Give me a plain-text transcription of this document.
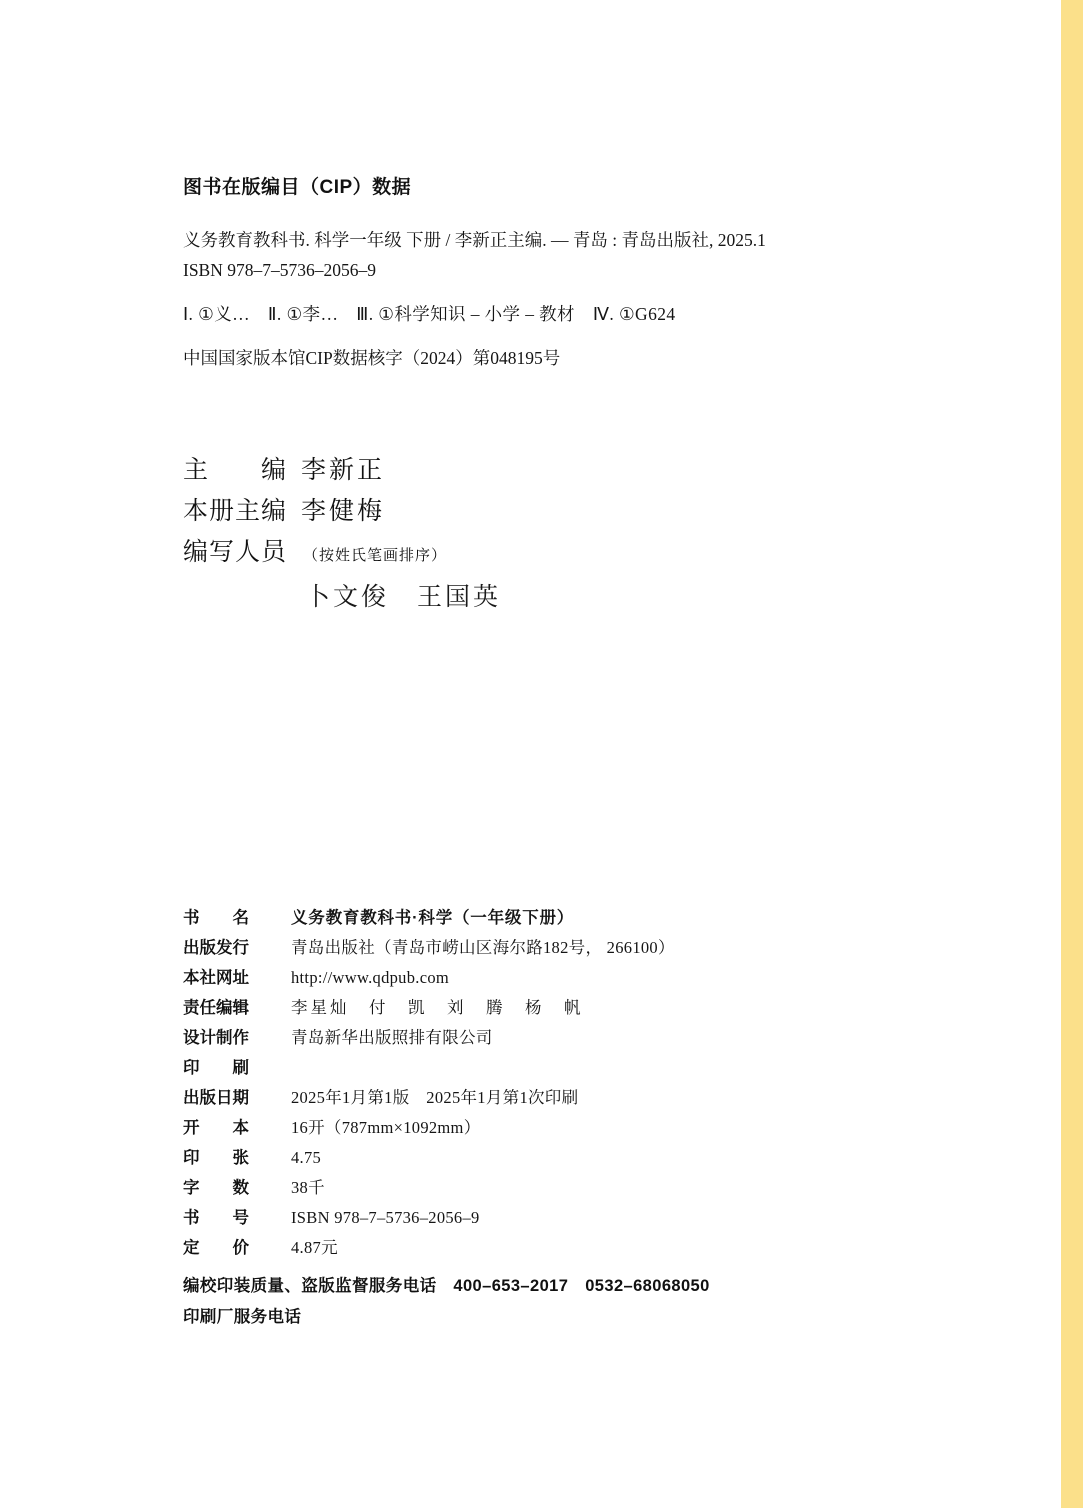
图书在版编目（CIP）数据
义务教育教科书. 科学一年级 下册 / 李新正主编. — 青岛 : 青岛出版社, 2025.1
ISBN 978–7–5736–2056–9
Ⅰ. ①义…　Ⅱ. ①李…　Ⅲ. ①科学知识 – 小学 – 教材　Ⅳ. ①G624
中国国家版本馆CIP数据核字（2024）第048195号
主　　编 李新正
本册主编 李健梅
编写人员 （按姓氏笔画排序）
卜文俊　王国英
书　　名	义务教育教科书·科学（一年级下册）
出版发行	青岛出版社（青岛市崂山区海尔路182号， 266100）
本社网址	http://www.qdpub.com
责任编辑	李星灿　付　凯　刘　腾　杨　帆
设计制作	青岛新华出版照排有限公司
印　　刷
出版日期	2025年1月第1版　2025年1月第1次印刷
开　　本	16开（787mm×1092mm）
印　　张	4.75
字　　数	38千
书　　号	ISBN 978–7–5736–2056–9
定　　价	4.87元
编校印装质量、盗版监督服务电话　400–653–2017　0532–68068050
印刷厂服务电话
